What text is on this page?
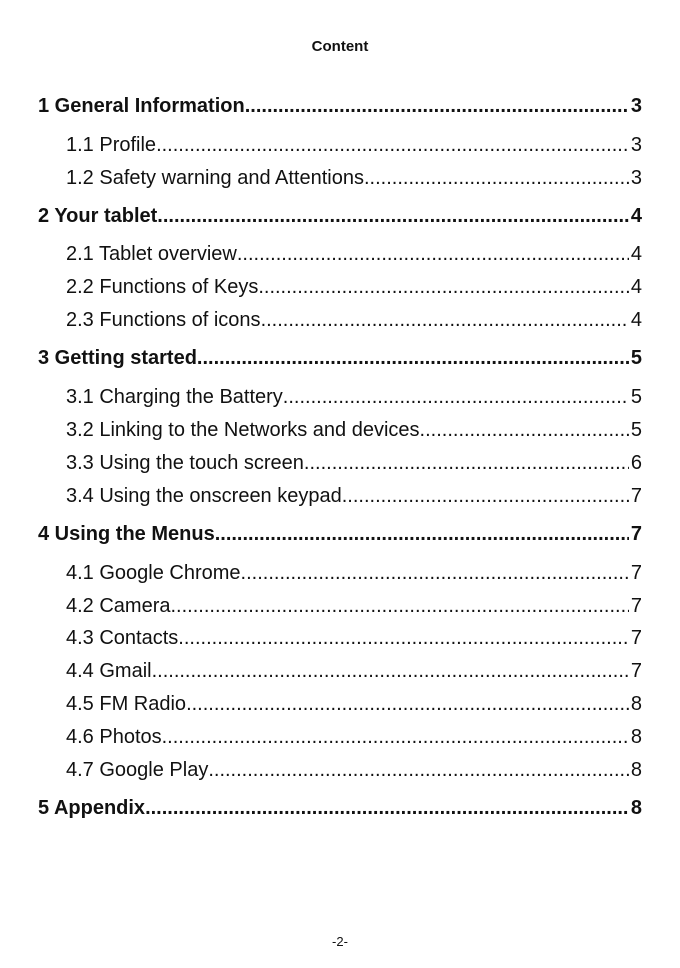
Content
1 General Information .....	3
1.1 Profile .....	3
1.2 Safety warning and Attentions .....	3
2 Your tablet .....	4
2.1 Tablet overview .....	4
2.2 Functions of Keys .....	4
2.3 Functions of icons .....	4
3 Getting started .....	5
3.1 Charging the Battery .....	5
3.2 Linking to the Networks and devices .....	5
3.3 Using the touch screen .....	6
3.4 Using the onscreen keypad .....	7
4 Using the Menus .....	7
4.1 Google Chrome .....	7
4.2 Camera .....	7
4.3 Contacts .....	7
4.4 Gmail .....	7
4.5 FM Radio .....	8
4.6 Photos .....	8
4.7 Google Play .....	8
5 Appendix .....	8
-2-
